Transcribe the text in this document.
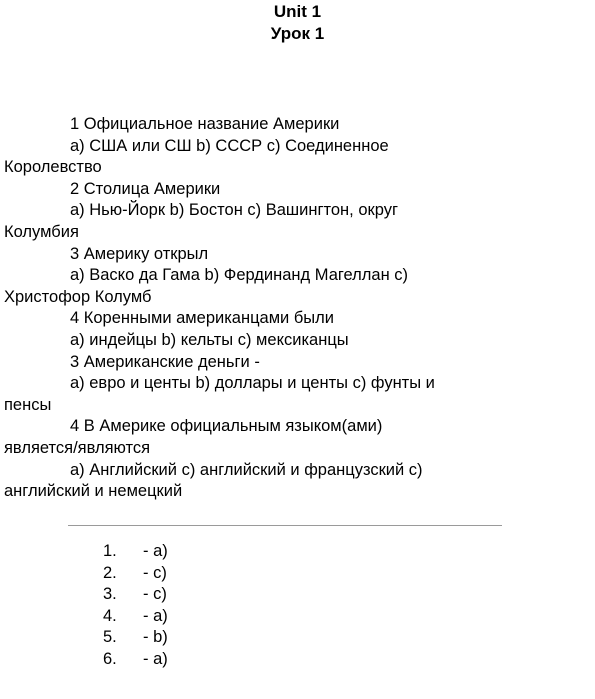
Unit 1
Урок 1
1 Официальное название Америки
a) США или СШ b) СССР c) Соединенное
Королевство
2 Столица Америки
a) Нью-Йорк b) Бостон c) Вашингтон, округ
Колумбия
3 Америку открыл
a) Васко да Гама b) Фердинанд Магеллан c)
Христофор Колумб
4 Коренными американцами были
a) индейцы b) кельты c) мексиканцы
3 Американские деньги -
a) евро и центы b) доллары и центы c) фунты и
пенсы
4 В Америке официальным языком(ами)
является/являются
a) Английский c) английский и французский c)
английский и немецкий
1. - a)
2. - c)
3. - c)
4. - a)
5. - b)
6. - a)
